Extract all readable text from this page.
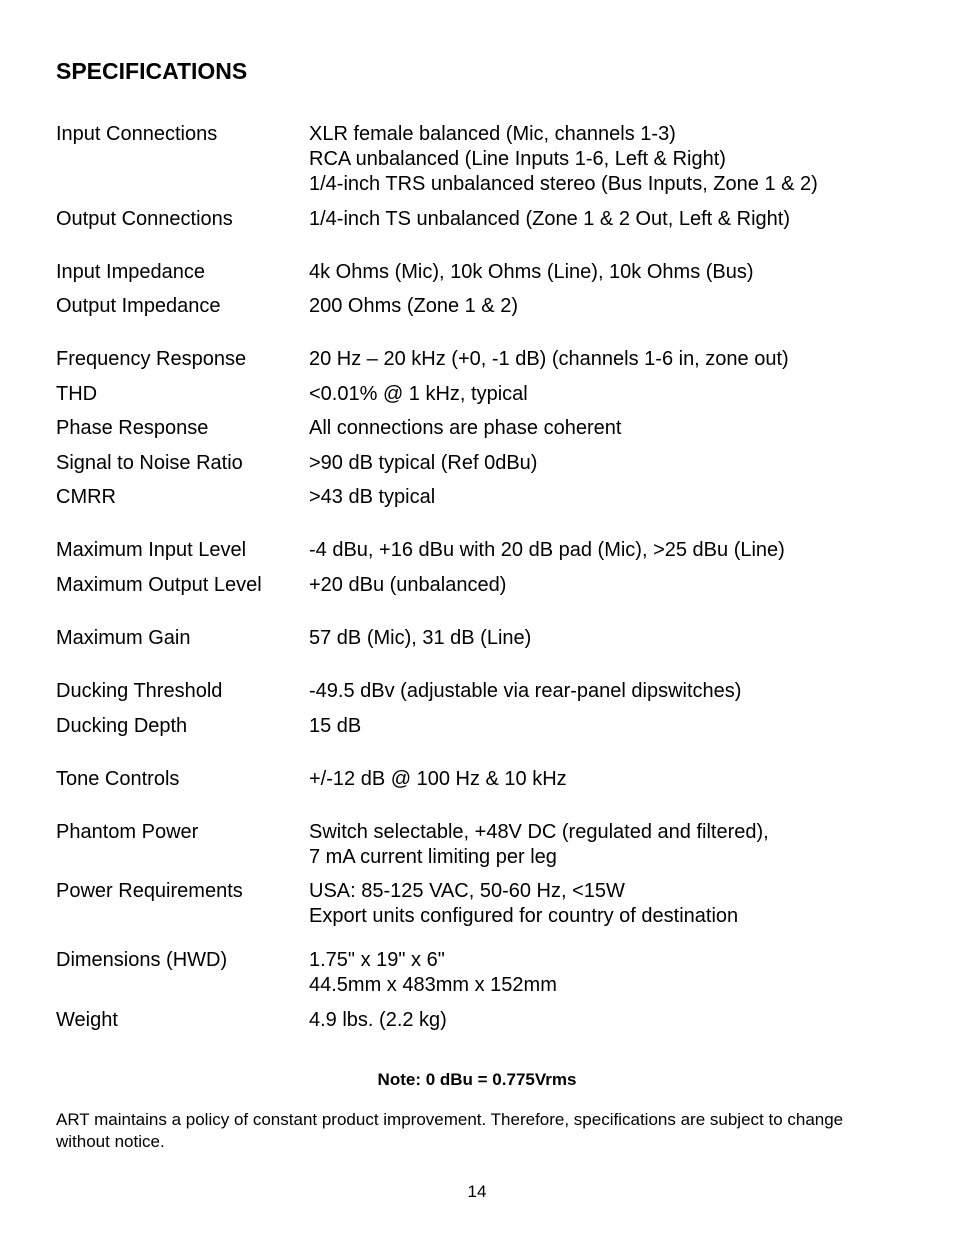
SPECIFICATIONS
Input Connections	XLR female balanced (Mic, channels 1-3)
RCA unbalanced (Line Inputs 1-6, Left & Right)
1/4-inch TRS unbalanced stereo (Bus Inputs, Zone 1 & 2)
Output Connections	1/4-inch TS unbalanced (Zone 1 & 2 Out, Left & Right)
Input Impedance	4k Ohms (Mic), 10k Ohms (Line), 10k Ohms (Bus)
Output Impedance	200 Ohms (Zone 1 & 2)
Frequency Response	20 Hz – 20 kHz (+0, -1 dB) (channels 1-6 in, zone out)
THD	<0.01% @ 1 kHz, typical
Phase Response	All connections are phase coherent
Signal to Noise Ratio	>90 dB typical (Ref 0dBu)
CMRR	>43 dB typical
Maximum Input Level	-4 dBu, +16 dBu with 20 dB pad (Mic), >25 dBu (Line)
Maximum Output Level +20 dBu (unbalanced)
Maximum Gain	57 dB (Mic), 31 dB (Line)
Ducking Threshold	-49.5 dBv (adjustable via rear-panel dipswitches)
Ducking Depth	15 dB
Tone Controls	+/-12 dB @ 100 Hz & 10 kHz
Phantom Power	Switch selectable, +48V DC (regulated and filtered),
7 mA current limiting per leg
Power Requirements	USA: 85-125 VAC, 50-60 Hz, <15W
Export units configured for country of destination
Dimensions (HWD)	1.75" x 19" x 6"
44.5mm x 483mm x 152mm
Weight	4.9 lbs. (2.2 kg)
Note: 0 dBu = 0.775Vrms
ART maintains a policy of constant product improvement. Therefore, specifications are subject to change without notice.
14
